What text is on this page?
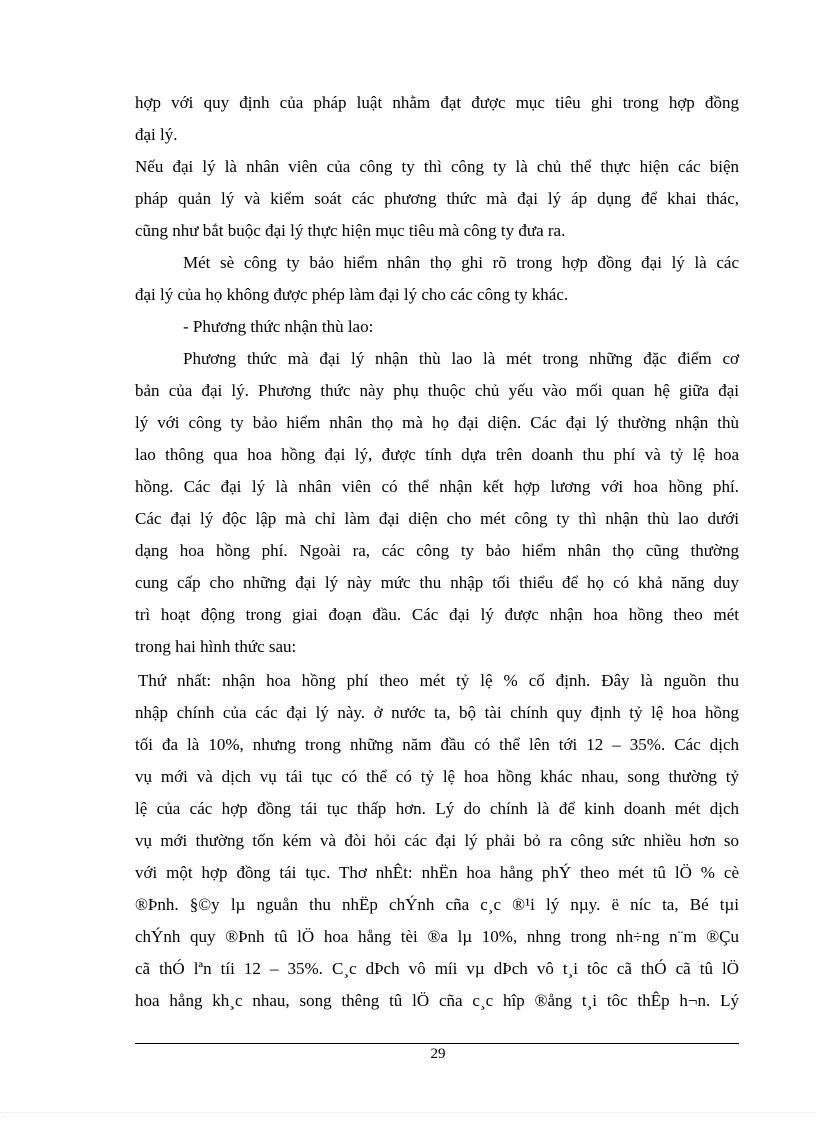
hợp với quy định của pháp luật nhằm đạt được mục tiêu ghi trong hợp đồng
đại lý.
Nếu đại lý là nhân viên của công ty thì công ty là chủ thể thực hiện các biện
pháp quản lý và kiểm soát các phương thức mà đại lý áp dụng để khai thác,
cũng như bắt buộc đại lý thực hiện mục tiêu mà công ty đưa ra.
Mét sè công ty bảo hiểm nhân thọ ghi rõ trong hợp đồng đại lý là các
đại lý của họ không được phép làm đại lý cho các công ty khác.
- Phương thức nhận thù lao:
Phương thức mà đại lý nhận thù lao là mét trong những đặc điểm cơ
bản của đại lý. Phương thức này phụ thuộc chủ yếu vào mối quan hệ giữa đại
lý với công ty bảo hiểm nhân thọ mà họ đại diện. Các đại lý thường nhận thù
lao thông qua hoa hồng đại lý, được tính dựa trên doanh thu phí và tỷ lệ hoa
hồng. Các đại lý là nhân viên có thể nhận kết hợp lương với hoa hồng phí.
Các đại lý độc lập mà chỉ làm đại diện cho mét công ty thì nhận thù lao dưới
dạng hoa hồng phí. Ngoài ra, các công ty bảo hiểm nhân thọ cũng thường
cung cấp cho những đại lý này mức thu nhập tối thiểu để họ có khả năng duy
trì hoạt động trong giai đoạn đầu. Các đại lý được nhận hoa hồng theo mét
trong hai hình thức sau:
Thứ nhất: nhận hoa hồng phí theo mét tỷ lệ % cố định. Đây là nguồn thu
nhập chính của các đại lý này. ở nước ta, bộ tài chính quy định tỷ lệ hoa hồng
tối đa là 10%, nhưng trong những năm đầu có thể lên tới 12 – 35%. Các dịch
vụ mới và dịch vụ tái tục có thể có tỷ lệ hoa hồng khác nhau, song thường tỷ
lệ của các hợp đồng tái tục thấp hơn. Lý do chính là để kinh doanh mét dịch
vụ mới thường tốn kém và đòi hỏi các đại lý phải bỏ ra công sức nhiều hơn so
với một hợp đồng tái tục. Thơ nhÊt: nhËn hoa hång phÝ theo mét tû lÖ % cè
®Þnh. §©y lµ nguån thu nhËp chÝnh cña c¸c ®¹i lý nµy. ë níc ta, Bé tµi
chÝnh quy ®Þnh tû lÖ hoa hång tèi ®a lµ 10%, nhng trong nh÷ng n¨m ®Çu
cã thÓ lªn tíi 12 – 35%. C¸c dÞch vô míi vµ dÞch vô t¸i tôc cã thÓ cã tû lÖ
hoa hång kh¸c nhau, song thêng tû lÖ cña c¸c hîp ®ång t¸i tôc thÊp h¬n. Lý
29
